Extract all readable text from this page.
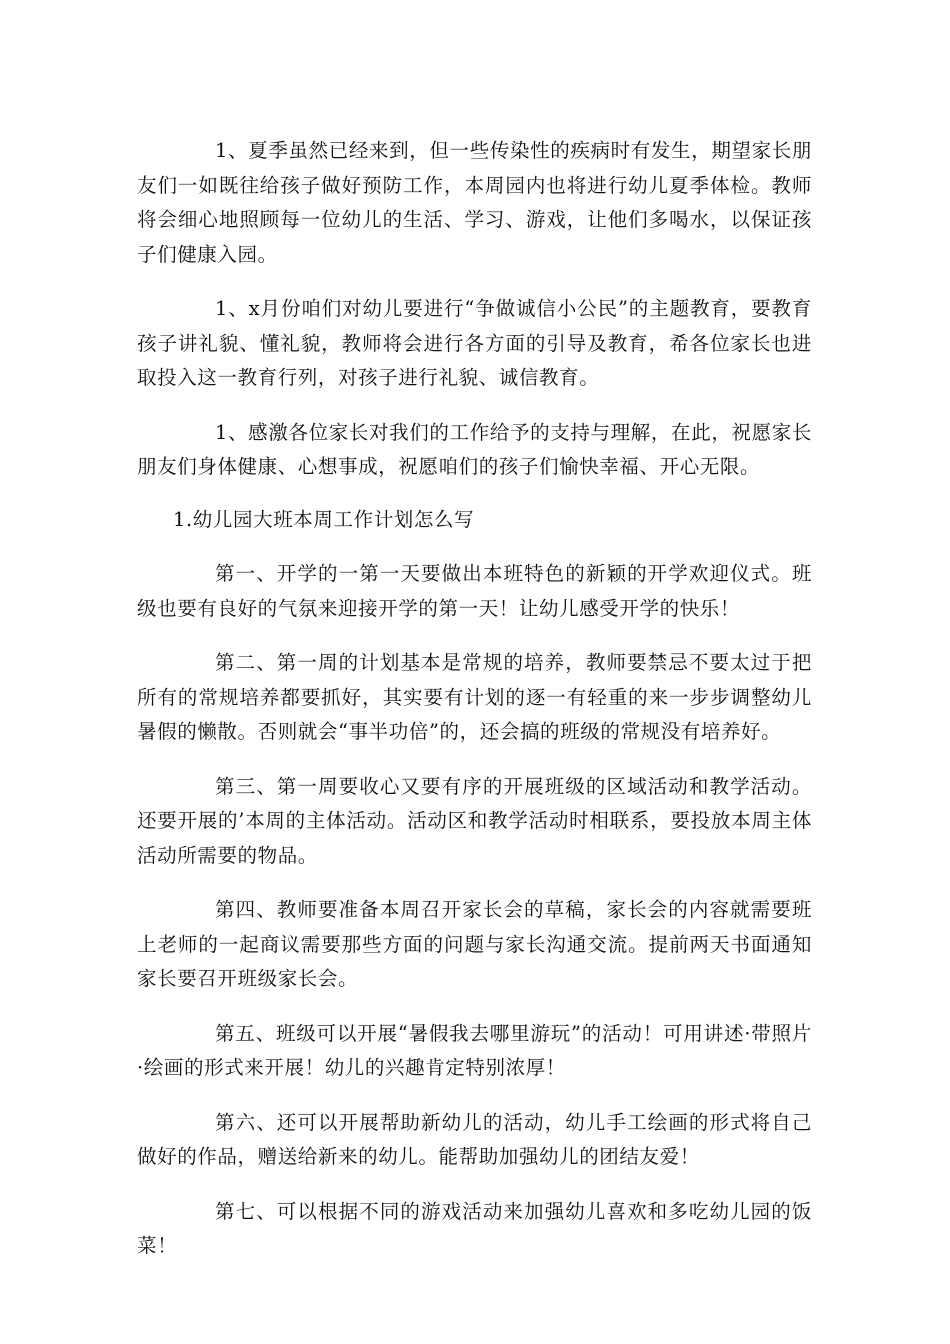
1、夏季虽然已经来到，但一些传染性的疾病时有发生，期望家长朋友们一如既往给孩子做好预防工作，本周园内也将进行幼儿夏季体检。教师将会细心地照顾每一位幼儿的生活、学习、游戏，让他们多喝水，以保证孩子们健康入园。

1、x月份咱们对幼儿要进行“争做诚信小公民”的主题教育，要教育孩子讲礼貌、懂礼貌，教师将会进行各方面的引导及教育，希各位家长也进取投入这一教育行列，对孩子进行礼貌、诚信教育。

1、感激各位家长对我们的工作给予的支持与理解，在此，祝愿家长朋友们身体健康、心想事成，祝愿咱们的孩子们愉快幸福、开心无限。

1.幼儿园大班本周工作计划怎么写

第一、开学的一第一天要做出本班特色的新颖的开学欢迎仪式。班级也要有良好的气氛来迎接开学的第一天！让幼儿感受开学的快乐！

第二、第一周的计划基本是常规的培养，教师要禁忌不要太过于把所有的常规培养都要抓好，其实要有计划的逐一有轻重的来一步步调整幼儿暑假的懒散。否则就会“事半功倍”的，还会搞的班级的常规没有培养好。

第三、第一周要收心又要有序的开展班级的区域活动和教学活动。还要开展的’本周的主体活动。活动区和教学活动时相联系，要投放本周主体活动所需要的物品。

第四、教师要准备本周召开家长会的草稿，家长会的内容就需要班上老师的一起商议需要那些方面的问题与家长沟通交流。提前两天书面通知家长要召开班级家长会。

第五、班级可以开展“暑假我去哪里游玩”的活动！可用讲述·带照片·绘画的形式来开展！幼儿的兴趣肯定特别浓厚！

第六、还可以开展帮助新幼儿的活动，幼儿手工绘画的形式将自己做好的作品，赠送给新来的幼儿。能帮助加强幼儿的团结友爱！

第七、可以根据不同的游戏活动来加强幼儿喜欢和多吃幼儿园的饭菜！
